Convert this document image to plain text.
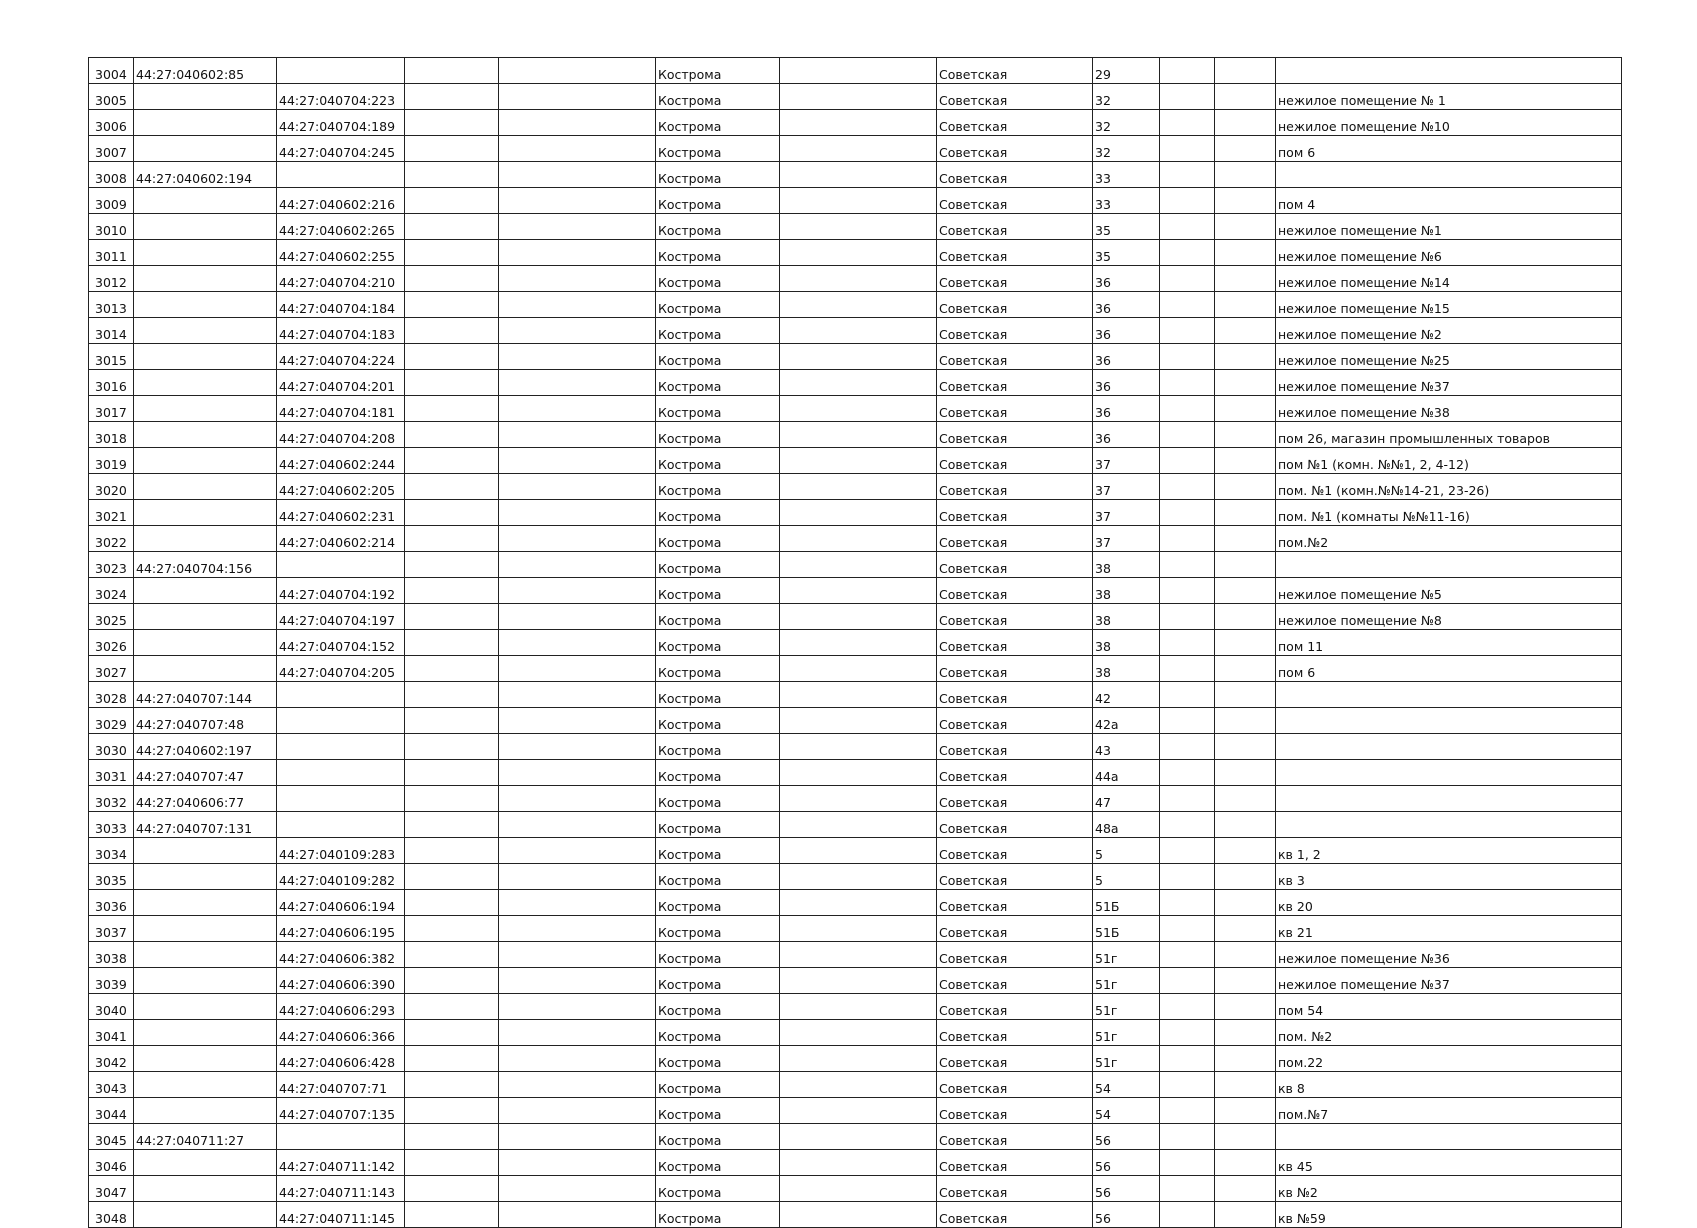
3004	44:27:040602:85				Кострома		Советская	29			
3005		44:27:040704:223			Кострома		Советская	32			нежилое помещение № 1
3006		44:27:040704:189			Кострома		Советская	32			нежилое помещение №10
3007		44:27:040704:245			Кострома		Советская	32			пом 6
3008	44:27:040602:194				Кострома		Советская	33			
3009		44:27:040602:216			Кострома		Советская	33			пом 4
3010		44:27:040602:265			Кострома		Советская	35			нежилое помещение №1
3011		44:27:040602:255			Кострома		Советская	35			нежилое помещение №6
3012		44:27:040704:210			Кострома		Советская	36			нежилое помещение №14
3013		44:27:040704:184			Кострома		Советская	36			нежилое помещение №15
3014		44:27:040704:183			Кострома		Советская	36			нежилое помещение №2
3015		44:27:040704:224			Кострома		Советская	36			нежилое помещение №25
3016		44:27:040704:201			Кострома		Советская	36			нежилое помещение №37
3017		44:27:040704:181			Кострома		Советская	36			нежилое помещение №38
3018		44:27:040704:208			Кострома		Советская	36			пом 26, магазин промышленных товаров
3019		44:27:040602:244			Кострома		Советская	37			пом №1 (комн. №№1, 2, 4-12)
3020		44:27:040602:205			Кострома		Советская	37			пом. №1 (комн.№№14-21, 23-26)
3021		44:27:040602:231			Кострома		Советская	37			пом. №1 (комнаты №№11-16)
3022		44:27:040602:214			Кострома		Советская	37			пом.№2
3023	44:27:040704:156				Кострома		Советская	38			
3024		44:27:040704:192			Кострома		Советская	38			нежилое помещение №5
3025		44:27:040704:197			Кострома		Советская	38			нежилое помещение №8
3026		44:27:040704:152			Кострома		Советская	38			пом 11
3027		44:27:040704:205			Кострома		Советская	38			пом 6
3028	44:27:040707:144				Кострома		Советская	42			
3029	44:27:040707:48				Кострома		Советская	42а			
3030	44:27:040602:197				Кострома		Советская	43			
3031	44:27:040707:47				Кострома		Советская	44а			
3032	44:27:040606:77				Кострома		Советская	47			
3033	44:27:040707:131				Кострома		Советская	48а			
3034		44:27:040109:283			Кострома		Советская	5			кв 1, 2
3035		44:27:040109:282			Кострома		Советская	5			кв 3
3036		44:27:040606:194			Кострома		Советская	51Б			кв 20
3037		44:27:040606:195			Кострома		Советская	51Б			кв 21
3038		44:27:040606:382			Кострома		Советская	51г			нежилое помещение №36
3039		44:27:040606:390			Кострома		Советская	51г			нежилое помещение №37
3040		44:27:040606:293			Кострома		Советская	51г			пом 54
3041		44:27:040606:366			Кострома		Советская	51г			пом. №2
3042		44:27:040606:428			Кострома		Советская	51г			пом.22
3043		44:27:040707:71			Кострома		Советская	54			кв 8
3044		44:27:040707:135			Кострома		Советская	54			пом.№7
3045	44:27:040711:27				Кострома		Советская	56			
3046		44:27:040711:142			Кострома		Советская	56			кв 45
3047		44:27:040711:143			Кострома		Советская	56			кв №2
3048		44:27:040711:145			Кострома		Советская	56			кв №59
